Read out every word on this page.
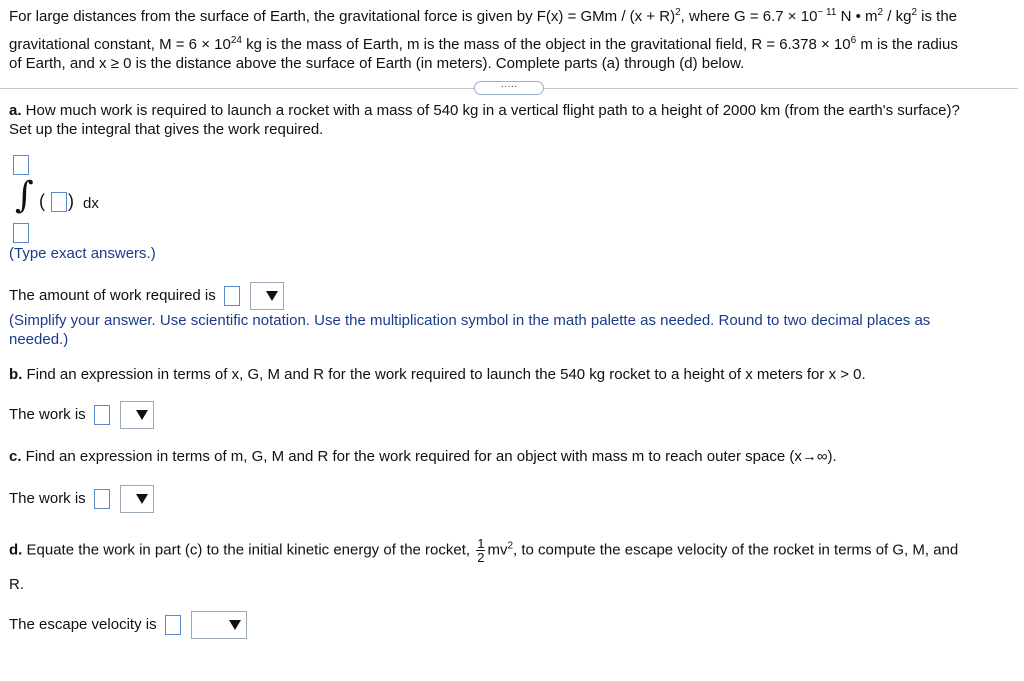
For large distances from the surface of Earth, the gravitational force is given by F(x) = GMm / $(x + R)^2$, where $G = 6.7 \times 10^{- 11}$ N • $m^2 / kg^2$ is the
gravitational constant, $M = 6 \times 10^{24}$ kg is the mass of Earth, m is the mass of the object in the gravitational field, $R = 6.378 \times 10^6$ m is the radius
of Earth, and x ≥ 0 is the distance above the surface of Earth (in meters). Complete parts (a) through (d) below.
·····
a. How much work is required to launch a rocket with a mass of 540 kg in a vertical flight path to a height of 2000 km (from the earth's surface)?
Set up the integral that gives the work required.
∫ ( ) dx
(Type exact answers.)
The amount of work required is
(Simplify your answer. Use scientific notation. Use the multiplication symbol in the math palette as needed. Round to two decimal places as
needed.)
b. Find an expression in terms of x, G, M and R for the work required to launch the 540 kg rocket to a height of x meters for x > 0.
The work is
c. Find an expression in terms of m, G, M and R for the work required for an object with mass m to reach outer space (x→∞).
The work is
d. Equate the work in part (c) to the initial kinetic energy of the rocket, $\frac{1}{2} mv^2$, to compute the escape velocity of the rocket in terms of G, M, and
R.
The escape velocity is
